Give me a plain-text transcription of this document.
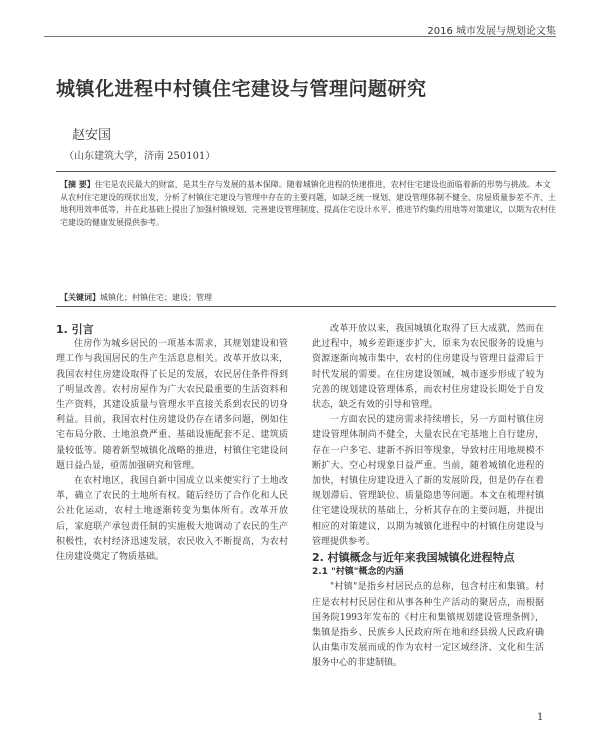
2016 城市发展与规划论文集
城镇化进程中村镇住宅建设与管理问题研究
赵安国
（山东建筑大学，济南 250101）
【摘 要】住宅是农民最大的财富，是其生存与发展的基本保障。随着城镇化进程的快速推进，农村住宅建设也面临着新的形势与挑战。本文从农村住宅建设的现状出发，分析了村镇住宅建设与管理中存在的主要问题，如缺乏统一规划、建设管理体制不健全、房屋质量参差不齐、土地利用效率低等，并在此基础上提出了加强村镇规划、完善建设管理制度、提高住宅设计水平、推进节约集约用地等对策建议，以期为农村住宅建设的健康发展提供参考。
【关键词】城镇化；村镇住宅；建设；管理

1. 引言

住房作为城乡居民的一项基本需求，其规划建设和管理工作与我国居民的生产生活息息相关。改革开放以来，我国农村住房建设取得了长足的发展，农民居住条件得到了明显改善。农村房屋作为广大农民最重要的生活资料和生产资料，其建设质量与管理水平直接关系到农民的切身利益。目前，我国农村住房建设仍存在诸多问题，例如住宅布局分散、土地浪费严重、基础设施配套不足、建筑质量较低等。随着新型城镇化战略的推进，村镇住宅建设问题日益凸显，亟需加强研究和管理。

在农村地区，我国自新中国成立以来便实行了土地改革，确立了农民的土地所有权。随后经历了合作化和人民公社化运动，农村土地逐渐转变为集体所有。改革开放后，家庭联产承包责任制的实施极大地调动了农民的生产积极性，农村经济迅速发展，农民收入不断提高，为农村住房建设奠定了物质基础。

改革开放以来，我国城镇化取得了巨大成就，然而在此过程中，城乡差距逐步扩大，原来为农民服务的设施与资源逐渐向城市集中，农村的住房建设与管理日益滞后于时代发展的需要。在住房建设领域，城市逐步形成了较为完善的规划建设管理体系，而农村住房建设长期处于自发状态，缺乏有效的引导和管理。

一方面农民的建房需求持续增长，另一方面村镇住房建设管理体制尚不健全，大量农民在宅基地上自行建房，存在一户多宅、建新不拆旧等现象，导致村庄用地规模不断扩大、空心村现象日益严重。当前，随着城镇化进程的加快，村镇住房建设进入了新的发展阶段，但是仍存在着规划滞后、管理缺位、质量隐患等问题。本文在梳理村镇住宅建设现状的基础上，分析其存在的主要问题，并提出相应的对策建议，以期为城镇化进程中的村镇住房建设与管理提供参考。

2. 村镇概念与近年来我国城镇化进程特点

2.1 "村镇"概念的内涵

"村镇"是指乡村居民点的总称，包含村庄和集镇。村庄是农村村民居住和从事各种生产活动的聚居点，而根据国务院1993年发布的《村庄和集镇规划建设管理条例》，集镇是指乡、民族乡人民政府所在地和经县级人民政府确认由集市发展而成的作为农村一定区域经济、文化和生活服务中心的非建制镇。

1
